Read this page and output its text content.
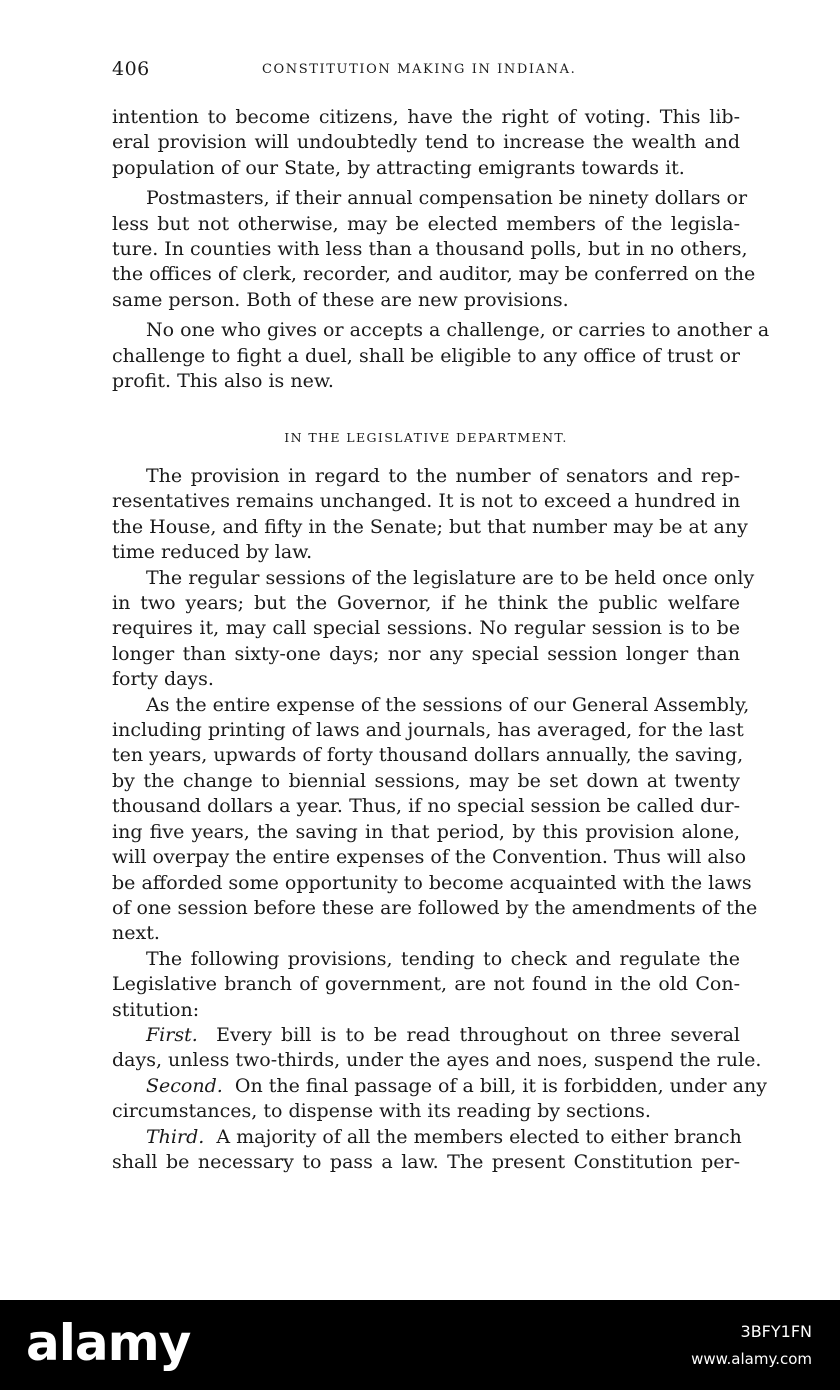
406	CONSTITUTION MAKING IN INDIANA.
intention to become citizens, have the right of voting. This lib-
eral provision will undoubtedly tend to increase the wealth and
population of our State, by attracting emigrants towards it.
Postmasters, if their annual compensation be ninety dollars or
less but not otherwise, may be elected members of the legisla-
ture. In counties with less than a thousand polls, but in no others,
the offices of clerk, recorder, and auditor, may be conferred on the
same person. Both of these are new provisions.
No one who gives or accepts a challenge, or carries to another a
challenge to fight a duel, shall be eligible to any office of trust or
profit. This also is new.
IN THE LEGISLATIVE DEPARTMENT.
The provision in regard to the number of senators and rep-
resentatives remains unchanged. It is not to exceed a hundred in
the House, and fifty in the Senate; but that number may be at any
time reduced by law.
The regular sessions of the legislature are to be held once only
in two years; but the Governor, if he think the public welfare
requires it, may call special sessions. No regular session is to be
longer than sixty-one days; nor any special session longer than
forty days.
As the entire expense of the sessions of our General Assembly,
including printing of laws and journals, has averaged, for the last
ten years, upwards of forty thousand dollars annually, the saving,
by the change to biennial sessions, may be set down at twenty
thousand dollars a year. Thus, if no special session be called dur-
ing five years, the saving in that period, by this provision alone,
will overpay the entire expenses of the Convention. Thus will also
be afforded some opportunity to become acquainted with the laws
of one session before these are followed by the amendments of the
next.
The following provisions, tending to check and regulate the
Legislative branch of government, are not found in the old Con-
stitution:
First. Every bill is to be read throughout on three several
days, unless two-thirds, under the ayes and noes, suspend the rule.
Second. On the final passage of a bill, it is forbidden, under any
circumstances, to dispense with its reading by sections.
Third. A majority of all the members elected to either branch
shall be necessary to pass a law. The present Constitution per-
alamy	3BFY1FN
www.alamy.com
